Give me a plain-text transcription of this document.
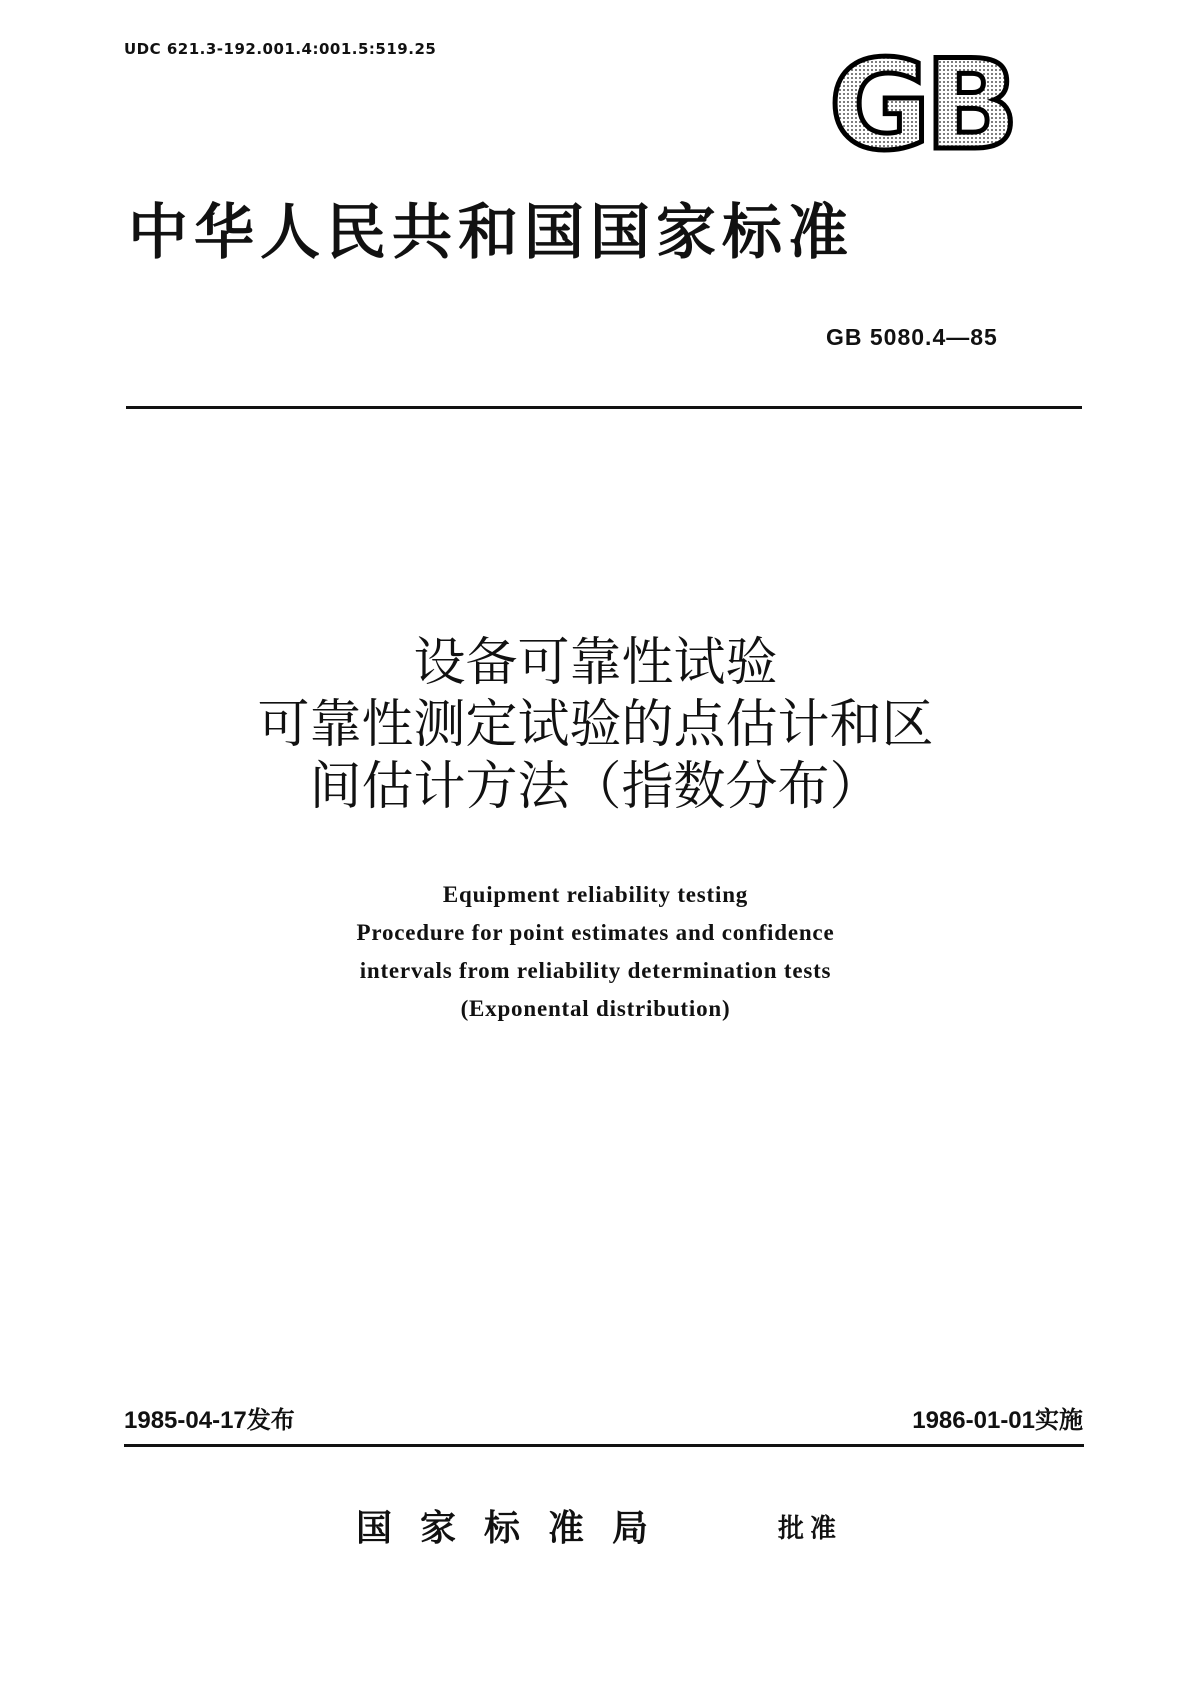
UDC 621.3-192.001.4:001.5:519.25	GB
中华人民共和国国家标准
GB 5080.4—85
设备可靠性试验
可靠性测定试验的点估计和区
间估计方法（指数分布）
Equipment reliability testing
Procedure for point estimates and confidence
intervals from reliability determination tests
(Exponental distribution)
1985-04-17发布	1986-01-01实施
国家标准局	批准
